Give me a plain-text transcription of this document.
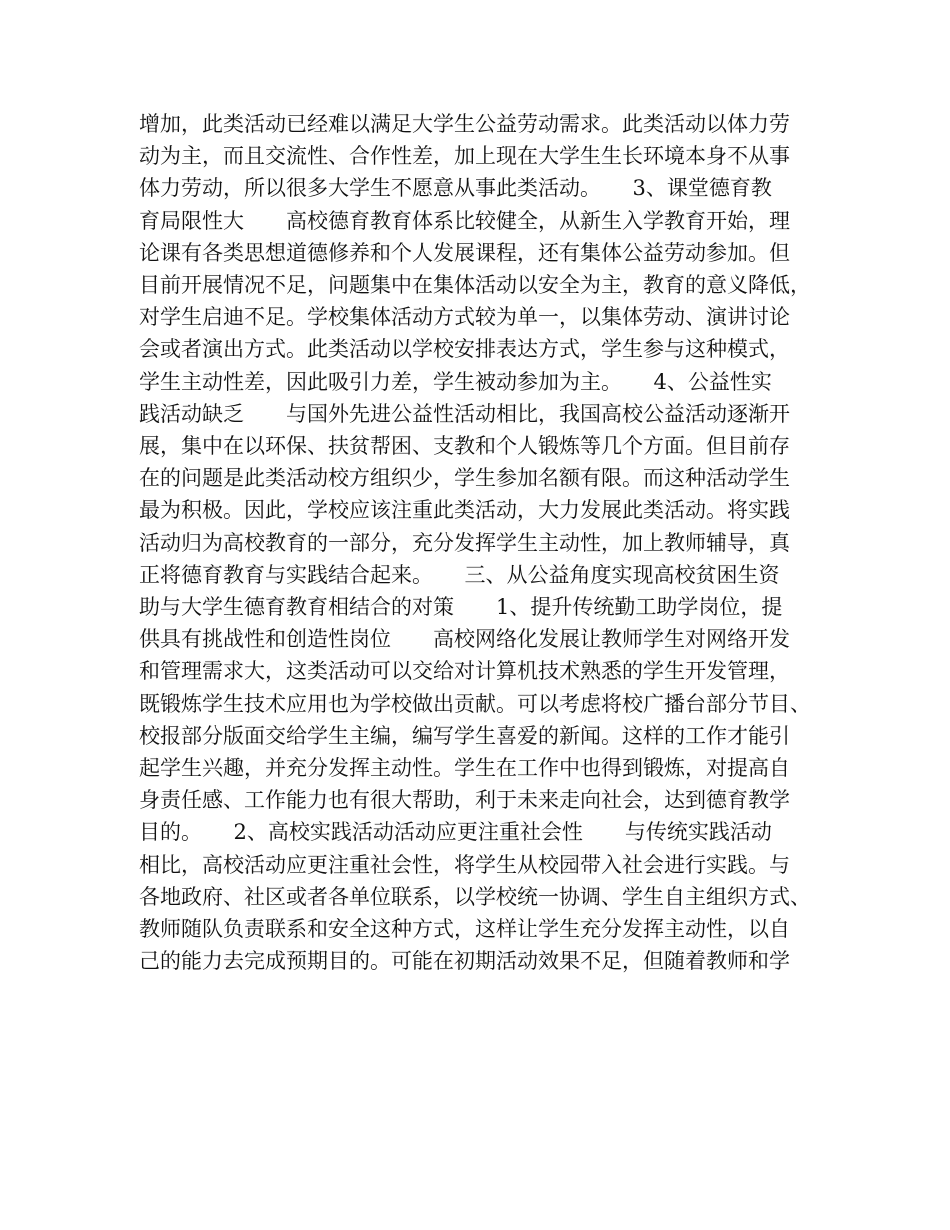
增加，此类活动已经难以满足大学生公益劳动需求。此类活动以体力劳

动为主，而且交流性、合作性差，加上现在大学生生长环境本身不从事

体力劳动，所以很多大学生不愿意从事此类活动。　　3、课堂德育教

育局限性大　　高校德育教育体系比较健全，从新生入学教育开始，理

论课有各类思想道德修养和个人发展课程，还有集体公益劳动参加。但

目前开展情况不足，问题集中在集体活动以安全为主，教育的意义降低，

对学生启迪不足。学校集体活动方式较为单一，以集体劳动、演讲讨论

会或者演出方式。此类活动以学校安排表达方式，学生参与这种模式，

学生主动性差，因此吸引力差，学生被动参加为主。　　4、公益性实

践活动缺乏　　与国外先进公益性活动相比，我国高校公益活动逐渐开

展，集中在以环保、扶贫帮困、支教和个人锻炼等几个方面。但目前存

在的问题是此类活动校方组织少，学生参加名额有限。而这种活动学生

最为积极。因此，学校应该注重此类活动，大力发展此类活动。将实践

活动归为高校教育的一部分，充分发挥学生主动性，加上教师辅导，真

正将德育教育与实践结合起来。　　三、从公益角度实现高校贫困生资

助与大学生德育教育相结合的对策　　1、提升传统勤工助学岗位，提

供具有挑战性和创造性岗位　　高校网络化发展让教师学生对网络开发

和管理需求大，这类活动可以交给对计算机技术熟悉的学生开发管理，

既锻炼学生技术应用也为学校做出贡献。可以考虑将校广播台部分节目、

校报部分版面交给学生主编，编写学生喜爱的新闻。这样的工作才能引

起学生兴趣，并充分发挥主动性。学生在工作中也得到锻炼，对提高自

身责任感、工作能力也有很大帮助，利于未来走向社会，达到德育教学

目的。　　2、高校实践活动活动应更注重社会性　　与传统实践活动

相比，高校活动应更注重社会性，将学生从校园带入社会进行实践。与

各地政府、社区或者各单位联系，以学校统一协调、学生自主组织方式、

教师随队负责联系和安全这种方式，这样让学生充分发挥主动性，以自

己的能力去完成预期目的。可能在初期活动效果不足，但随着教师和学
